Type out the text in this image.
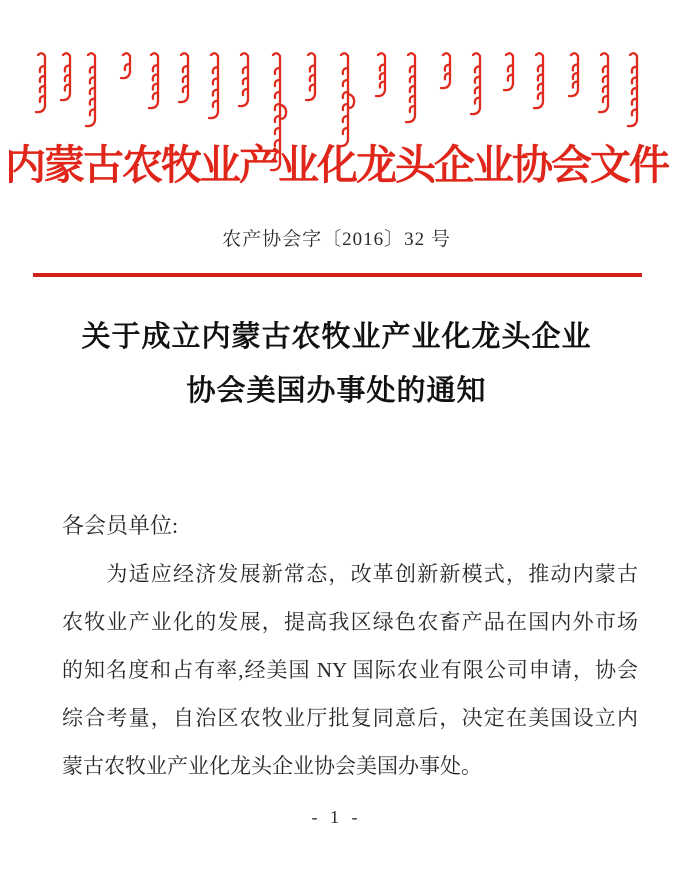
内蒙古农牧业产业化龙头企业协会文件
农产协会字〔2016〕32 号
关于成立内蒙古农牧业产业化龙头企业
协会美国办事处的通知
各会员单位:
　　为适应经济发展新常态，改革创新新模式，推动内蒙古
农牧业产业化的发展，提高我区绿色农畜产品在国内外市场
的知名度和占有率,经美国 NY 国际农业有限公司申请，协会
综合考量，自治区农牧业厅批复同意后，决定在美国设立内
蒙古农牧业产业化龙头企业协会美国办事处。
- 1 -
